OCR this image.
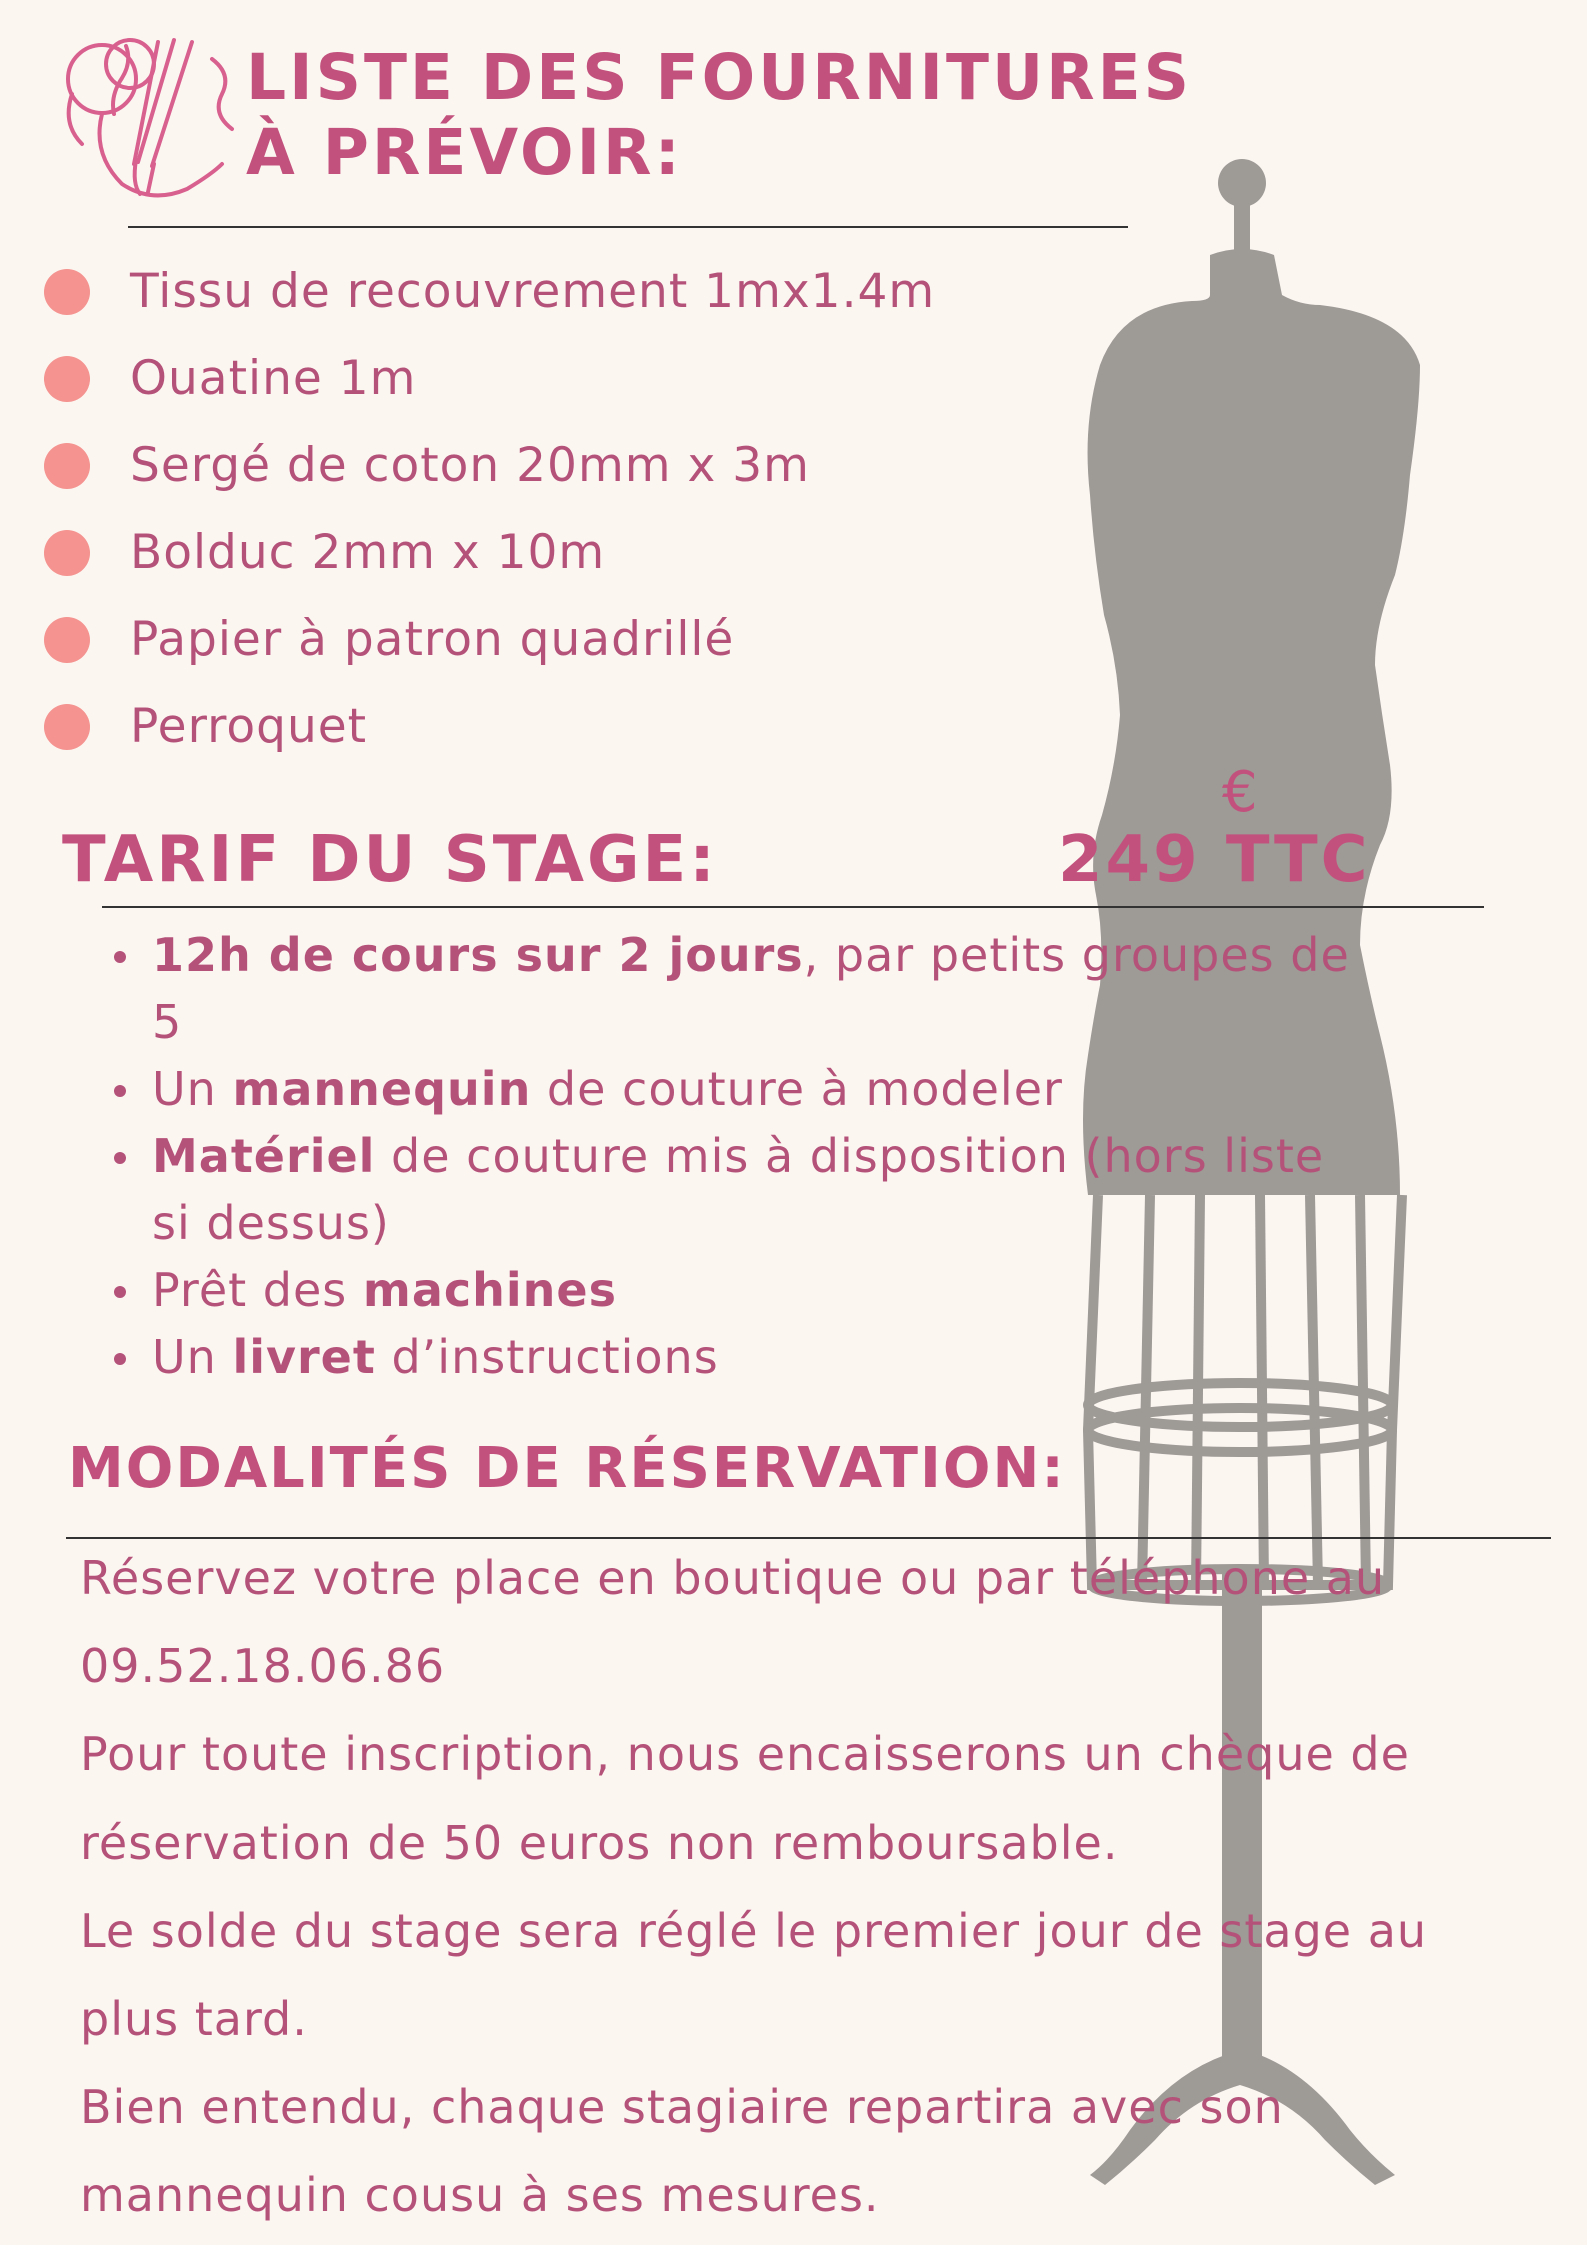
LISTE DES FOURNITURES
À PRÉVOIR:
Tissu de recouvrement 1mx1.4m
Ouatine 1m
Sergé de coton 20mm x 3m
Bolduc 2mm x 10m
Papier à patron quadrillé
Perroquet
TARIF DU STAGE:
€
249 TTC
12h de cours sur 2 jours, par petits groupes de 5
Un mannequin de couture à modeler
Matériel de couture mis à disposition (hors liste si dessus)
Prêt des machines
Un livret d’instructions
MODALITÉS DE RÉSERVATION:

Réservez votre place en boutique ou par téléphone au

09.52.18.06.86

Pour toute inscription, nous encaisserons un chèque de

réservation de 50 euros non remboursable.

Le solde du stage sera réglé le premier jour de stage au

plus tard.

Bien entendu, chaque stagiaire repartira avec son

mannequin cousu à ses mesures.
